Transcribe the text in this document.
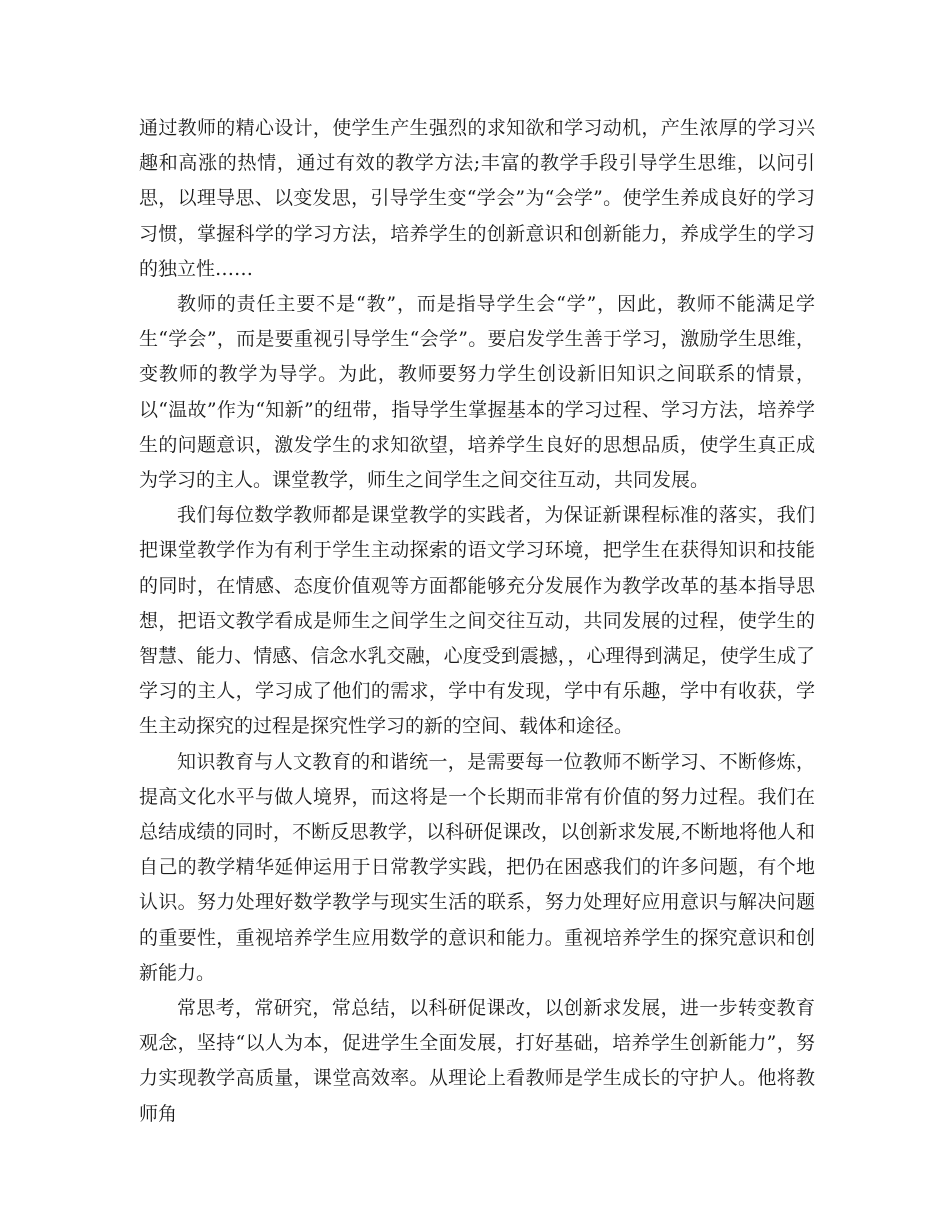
通过教师的精心设计，使学生产生强烈的求知欲和学习动机，产生浓厚的学习兴趣和高涨的热情，通过有效的教学方法;丰富的教学手段引导学生思维，以问引思，以理导思、以变发思，引导学生变“学会”为“会学”。使学生养成良好的学习习惯，掌握科学的学习方法，培养学生的创新意识和创新能力，养成学生的学习的独立性……

教师的责任主要不是“教”，而是指导学生会“学”，因此，教师不能满足学生“学会”，而是要重视引导学生“会学”。要启发学生善于学习，激励学生思维，变教师的教学为导学。为此，教师要努力学生创设新旧知识之间联系的情景，以“温故”作为“知新”的纽带，指导学生掌握基本的学习过程、学习方法，培养学生的问题意识，激发学生的求知欲望，培养学生良好的思想品质，使学生真正成为学习的主人。课堂教学，师生之间学生之间交往互动，共同发展。

我们每位数学教师都是课堂教学的实践者，为保证新课程标准的落实，我们把课堂教学作为有利于学生主动探索的语文学习环境，把学生在获得知识和技能的同时，在情感、态度价值观等方面都能够充分发展作为教学改革的基本指导思想，把语文教学看成是师生之间学生之间交往互动，共同发展的过程，使学生的智慧、能力、情感、信念水乳交融，心度受到震撼，，心理得到满足，使学生成了学习的主人，学习成了他们的需求，学中有发现，学中有乐趣，学中有收获，学生主动探究的过程是探究性学习的新的空间、载体和途径。

知识教育与人文教育的和谐统一，是需要每一位教师不断学习、不断修炼，提高文化水平与做人境界，而这将是一个长期而非常有价值的努力过程。我们在总结成绩的同时，不断反思教学，以科研促课改，以创新求发展,不断地将他人和自己的教学精华延伸运用于日常教学实践，把仍在困惑我们的许多问题，有个地认识。努力处理好数学教学与现实生活的联系，努力处理好应用意识与解决问题的重要性，重视培养学生应用数学的意识和能力。重视培养学生的探究意识和创新能力。

常思考，常研究，常总结，以科研促课改，以创新求发展，进一步转变教育观念，坚持“以人为本，促进学生全面发展，打好基础，培养学生创新能力”，努力实现教学高质量，课堂高效率。从理论上看教师是学生成长的守护人。他将教师角
